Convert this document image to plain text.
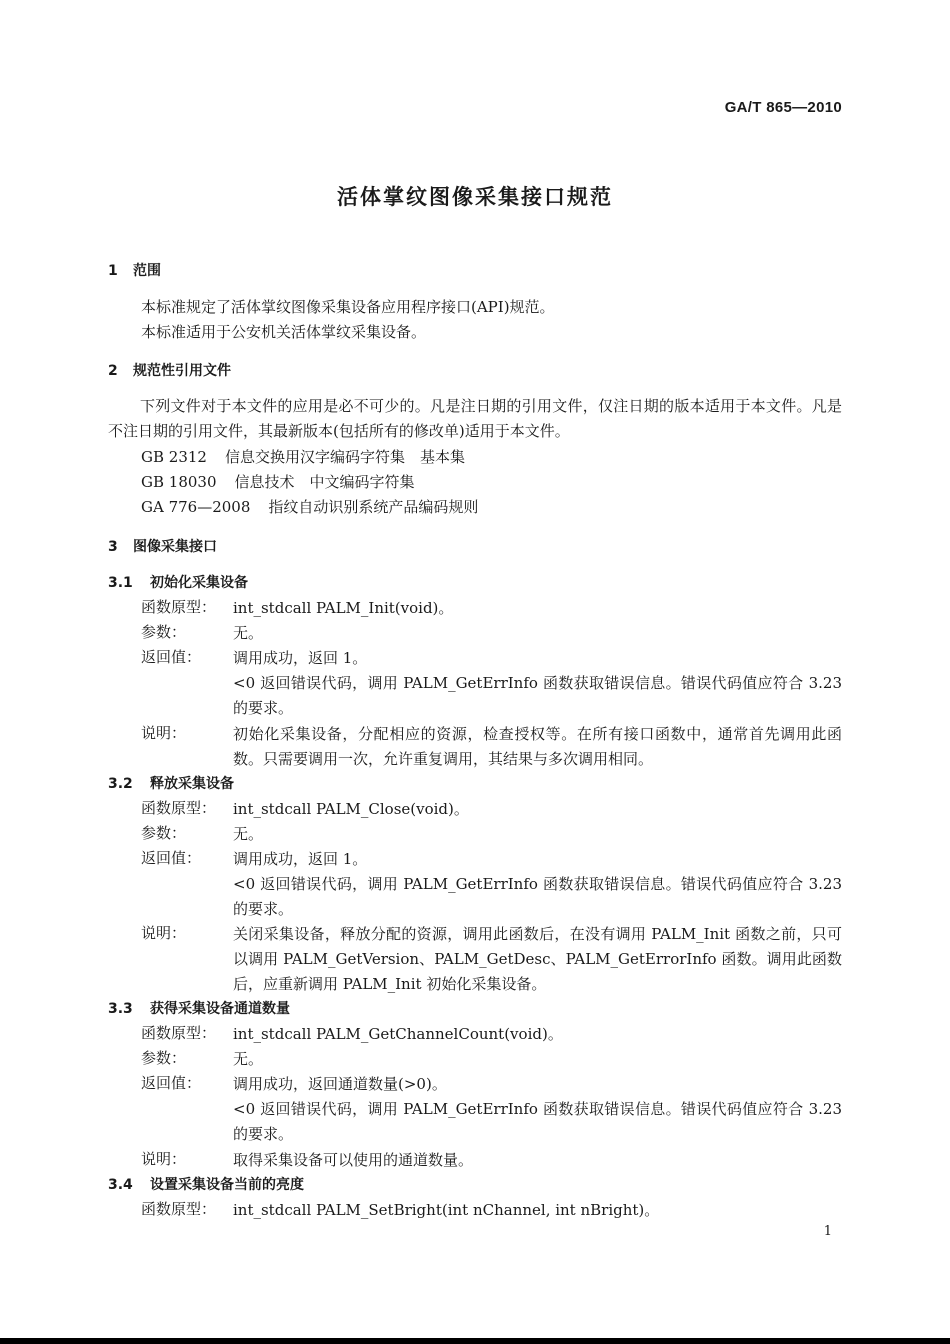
GA/T 865—2010
活体掌纹图像采集接口规范
1 范围
本标准规定了活体掌纹图像采集设备应用程序接口(API)规范。
本标准适用于公安机关活体掌纹采集设备。
2 规范性引用文件
下列文件对于本文件的应用是必不可少的。凡是注日期的引用文件，仅注日期的版本适用于本文件。凡是不注日期的引用文件，其最新版本(包括所有的修改单)适用于本文件。
GB 2312 信息交换用汉字编码字符集　基本集
GB 18030 信息技术　中文编码字符集
GA 776—2008 指纹自动识别系统产品编码规则
3 图像采集接口
3.1 初始化采集设备
函数原型： int_stdcall PALM_Init(void)。
参数：	无。
返回值： 调用成功，返回 1。
<0 返回错误代码，调用 PALM_GetErrInfo 函数获取错误信息。错误代码值应符合 3.23 的要求。
说明：	初始化采集设备，分配相应的资源，检查授权等。在所有接口函数中，通常首先调用此函数。只需要调用一次，允许重复调用，其结果与多次调用相同。
3.2 释放采集设备
函数原型： int_stdcall PALM_Close(void)。
参数：	无。
返回值： 调用成功，返回 1。
<0 返回错误代码，调用 PALM_GetErrInfo 函数获取错误信息。错误代码值应符合 3.23 的要求。
说明：	关闭采集设备，释放分配的资源，调用此函数后，在没有调用 PALM_Init 函数之前，只可以调用 PALM_GetVersion、PALM_GetDesc、PALM_GetErrorInfo 函数。调用此函数后，应重新调用 PALM_Init 初始化采集设备。
3.3 获得采集设备通道数量
函数原型： int_stdcall PALM_GetChannelCount(void)。
参数：	无。
返回值： 调用成功，返回通道数量(>0)。
<0 返回错误代码，调用 PALM_GetErrInfo 函数获取错误信息。错误代码值应符合 3.23 的要求。
说明：	取得采集设备可以使用的通道数量。
3.4 设置采集设备当前的亮度
函数原型： int_stdcall PALM_SetBright(int nChannel, int nBright)。
1
